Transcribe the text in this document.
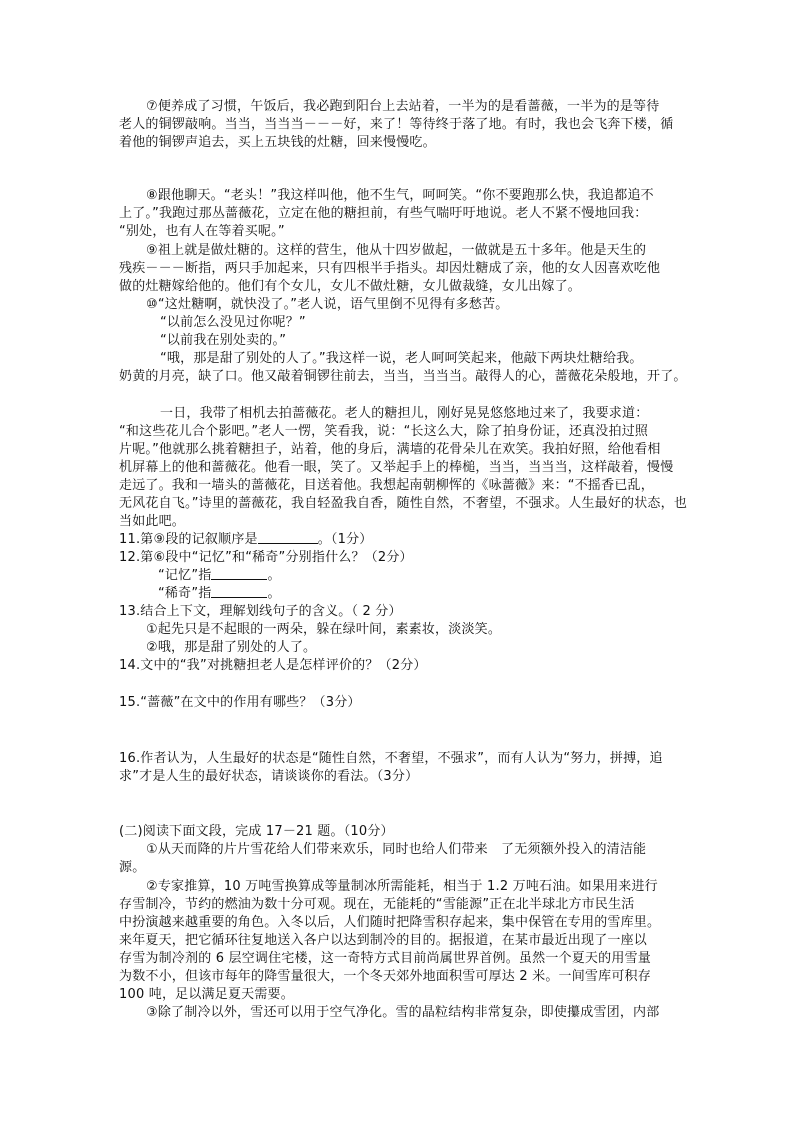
⑦便养成了习惯，午饭后，我必跑到阳台上去站着，一半为的是看蔷薇，一半为的是等待
老人的铜锣敲响。当当，当当当－－－好，来了！等待终于落了地。有时，我也会飞奔下楼，循
着他的铜锣声追去，买上五块钱的灶糖，回来慢慢吃。
⑧跟他聊天。“老头！”我这样叫他，他不生气，呵呵笑。“你不要跑那么快，我追都追不
上了。”我跑过那丛蔷薇花，立定在他的糖担前，有些气喘吁吁地说。老人不紧不慢地回我：
“别处，也有人在等着买呢。”
⑨祖上就是做灶糖的。这样的营生，他从十四岁做起，一做就是五十多年。他是天生的
残疾－－－断指，两只手加起来，只有四根半手指头。却因灶糖成了亲，他的女人因喜欢吃他
做的灶糖嫁给他的。他们有个女儿，女儿不做灶糖，女儿做裁缝，女儿出嫁了。
⑩“这灶糖啊，就快没了。”老人说，语气里倒不见得有多愁苦。
“以前怎么没见过你呢？”
“以前我在别处卖的。”
“哦，那是甜了别处的人了。”我这样一说，老人呵呵笑起来，他敲下两块灶糖给我。
奶黄的月亮，缺了口。他又敲着铜锣往前去，当当，当当当。敲得人的心，蔷薇花朵般地，开了。
一日，我带了相机去拍蔷薇花。老人的糖担儿，刚好晃晃悠悠地过来了，我要求道：
“和这些花儿合个影吧。”老人一愣，笑看我，说：“长这么大，除了拍身份证，还真没拍过照
片呢。”他就那么挑着糖担子，站着，他的身后，满墙的花骨朵儿在欢笑。我拍好照，给他看相
机屏幕上的他和蔷薇花。他看一眼，笑了。又举起手上的棒槌，当当，当当当，这样敲着，慢慢
走远了。我和一墙头的蔷薇花，目送着他。我想起南朝柳恽的《咏蔷薇》来：“不摇香已乱，
无风花自飞。”诗里的蔷薇花，我自轻盈我自香，随性自然，不奢望，不强求。人生最好的状态，也
当如此吧。
11.第⑨段的记叙顺序是	。（1分）
12.第⑥段中“记忆”和“稀奇”分别指什么？（2分）
“记忆”指	。
“稀奇”指	。
13.结合上下文，理解划线句子的含义。（ 2 分）
①起先只是不起眼的一两朵，躲在绿叶间，素素妆，淡淡笑。
②哦，那是甜了别处的人了。
14.文中的“我”对挑糖担老人是怎样评价的？（2分）
15.“蔷薇”在文中的作用有哪些？（3分）
16.作者认为，人生最好的状态是“随性自然，不奢望，不强求”，而有人认为“努力，拼搏，追
求”才是人生的最好状态，请谈谈你的看法。（3分）
(二)阅读下面文段，完成 17－21 题。（10分）
①从天而降的片片雪花给人们带来欢乐，同时也给人们带来　了无须额外投入的清洁能
源。
②专家推算，10 万吨雪换算成等量制冰所需能耗，相当于 1.2 万吨石油。如果用来进行
存雪制冷，节约的燃油为数十分可观。现在，无能耗的“雪能源”正在北半球北方市民生活
中扮演越来越重要的角色。入冬以后，人们随时把降雪积存起来，集中保管在专用的雪库里。
来年夏天，把它循环往复地送入各户以达到制冷的目的。据报道，在某市最近出现了一座以
存雪为制冷剂的 6 层空调住宅楼，这一奇特方式目前尚属世界首例。虽然一个夏天的用雪量
为数不小，但该市每年的降雪量很大，一个冬天郊外地面积雪可厚达 2 米。一间雪库可积存
100 吨，足以满足夏天需要。
③除了制冷以外，雪还可以用于空气净化。雪的晶粒结构非常复杂，即使攥成雪团，内部
